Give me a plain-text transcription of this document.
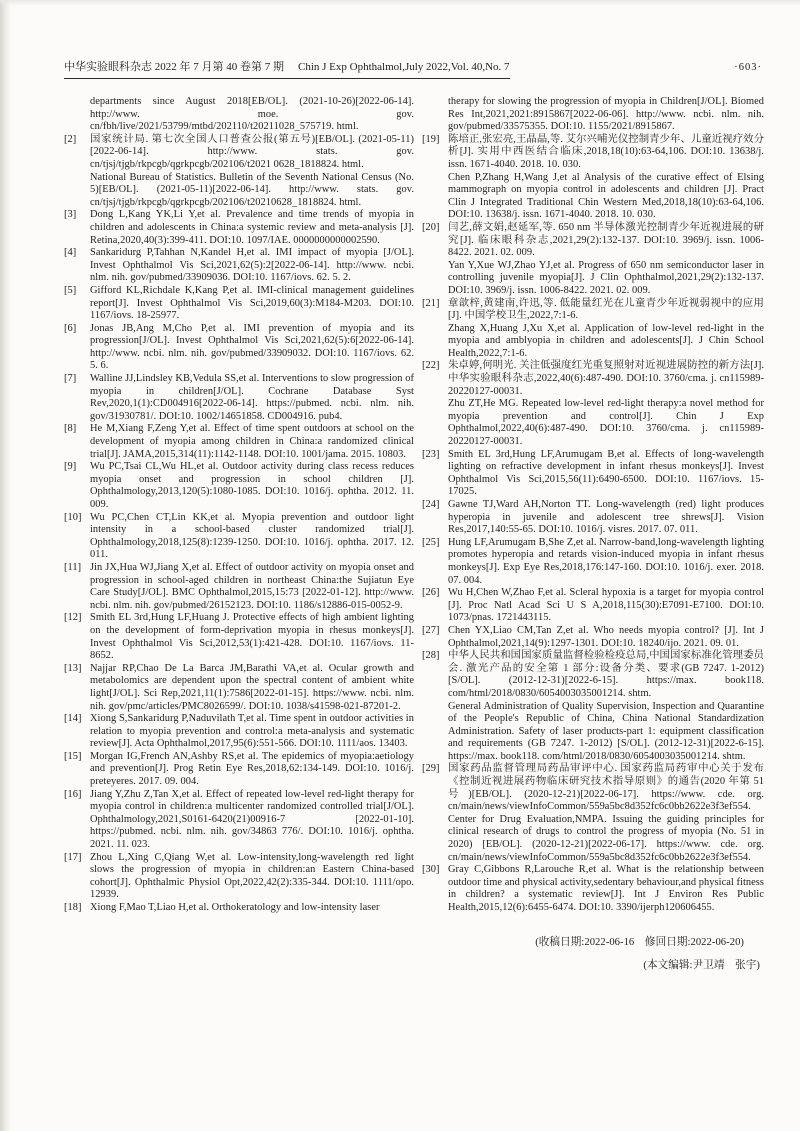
中华实验眼科杂志 2022 年 7 月第 40 卷第 7 期 Chin J Exp Ophthalmol,July 2022,Vol. 40,No. 7	·603·

departments since August 2018[EB/OL]. (2021-10-26)[2022-06-14]. http://www. moe. gov. cn/fbh/live/2021/53799/mtbd/202110/t20211028_575719. html.

[2] 国家统计局. 第七次全国人口普查公报(第五号)[EB/OL]. (2021-05-11)[2022-06-14]. http://www. stats. gov. cn/tjsj/tjgb/rkpcgb/qgrkpcgb/202106/t2021 0628_1818824. html.

National Bureau of Statistics. Bulletin of the Seventh National Census (No. 5)[EB/OL]. (2021-05-11)[2022-06-14]. http://www. stats. gov. cn/tjsj/tjgb/rkpcgb/qgrkpcgb/202106/t20210628_1818824. html.

[3] Dong L,Kang YK,Li Y,et al. Prevalence and time trends of myopia in children and adolescents in China:a systemic review and meta-analysis [J]. Retina,2020,40(3):399-411. DOI:10. 1097/IAE. 0000000000002590.

[4] Sankaridurg P,Tahhan N,Kandel H,et al. IMI impact of myopia [J/OL]. Invest Ophthalmol Vis Sci,2021,62(5):2[2022-06-14]. http://www. ncbi. nlm. nih. gov/pubmed/33909036. DOI:10. 1167/iovs. 62. 5. 2.

[5] Gifford KL,Richdale K,Kang P,et al. IMI-clinical management guidelines report[J]. Invest Ophthalmol Vis Sci,2019,60(3):M184-M203. DOI:10. 1167/iovs. 18-25977.

[6] Jonas JB,Ang M,Cho P,et al. IMI prevention of myopia and its progression[J/OL]. Invest Ophthalmol Vis Sci,2021,62(5):6[2022-06-14]. http://www. ncbi. nlm. nih. gov/pubmed/33909032. DOI:10. 1167/iovs. 62. 5. 6.

[7] Walline JJ,Lindsley KB,Vedula SS,et al. Interventions to slow progression of myopia in children[J/OL]. Cochrane Database Syst Rev,2020,1(1):CD004916[2022-06-14]. https://pubmed. ncbi. nlm. nih. gov/31930781/. DOI:10. 1002/14651858. CD004916. pub4.

[8] He M,Xiang F,Zeng Y,et al. Effect of time spent outdoors at school on the development of myopia among children in China:a randomized clinical trial[J]. JAMA,2015,314(11):1142-1148. DOI:10. 1001/jama. 2015. 10803.

[9] Wu PC,Tsai CL,Wu HL,et al. Outdoor activity during class recess reduces myopia onset and progression in school children [J]. Ophthalmology,2013,120(5):1080-1085. DOI:10. 1016/j. ophtha. 2012. 11. 009.

[10] Wu PC,Chen CT,Lin KK,et al. Myopia prevention and outdoor light intensity in a school-based cluster randomized trial[J]. Ophthalmology,2018,125(8):1239-1250. DOI:10. 1016/j. ophtha. 2017. 12. 011.

[11] Jin JX,Hua WJ,Jiang X,et al. Effect of outdoor activity on myopia onset and progression in school-aged children in northeast China:the Sujiatun Eye Care Study[J/OL]. BMC Ophthalmol,2015,15:73 [2022-01-12]. http://www. ncbi. nlm. nih. gov/pubmed/26152123. DOI:10. 1186/s12886-015-0052-9.

[12] Smith EL 3rd,Hung LF,Huang J. Protective effects of high ambient lighting on the development of form-deprivation myopia in rhesus monkeys[J]. Invest Ophthalmol Vis Sci,2012,53(1):421-428. DOI:10. 1167/iovs. 11-8652.

[13] Najjar RP,Chao De La Barca JM,Barathi VA,et al. Ocular growth and metabolomics are dependent upon the spectral content of ambient white light[J/OL]. Sci Rep,2021,11(1):7586[2022-01-15]. https://www. ncbi. nlm. nih. gov/pmc/articles/PMC8026599/. DOI:10. 1038/s41598-021-87201-2.

[14] Xiong S,Sankaridurg P,Naduvilath T,et al. Time spent in outdoor activities in relation to myopia prevention and control:a meta-analysis and systematic review[J]. Acta Ophthalmol,2017,95(6):551-566. DOI:10. 1111/aos. 13403.

[15] Morgan IG,French AN,Ashby RS,et al. The epidemics of myopia:aetiology and prevention[J]. Prog Retin Eye Res,2018,62:134-149. DOI:10. 1016/j. preteyeres. 2017. 09. 004.

[16] Jiang Y,Zhu Z,Tan X,et al. Effect of repeated low-level red-light therapy for myopia control in children:a multicenter randomized controlled trial[J/OL]. Ophthalmology,2021,S0161-6420(21)00916-7 [2022-01-10]. https://pubmed. ncbi. nlm. nih. gov/34863 776/. DOI:10. 1016/j. ophtha. 2021. 11. 023.

[17] Zhou L,Xing C,Qiang W,et al. Low-intensity,long-wavelength red light slows the progression of myopia in children:an Eastern China-based cohort[J]. Ophthalmic Physiol Opt,2022,42(2):335-344. DOI:10. 1111/opo. 12939.

[18] Xiong F,Mao T,Liao H,et al. Orthokeratology and low-intensity laser

therapy for slowing the progression of myopia in Children[J/OL]. Biomed Res Int,2021,2021:8915867[2022-06-06]. http://www. ncbi. nlm. nih. gov/pubmed/33575355. DOI:10. 1155/2021/8915867.

[19] 陈培正,张宏亮,王晶晶,等. 艾尔兴哺光仪控制青少年、儿童近视疗效分析[J]. 实用中西医结合临床,2018,18(10):63-64,106. DOI:10. 13638/j. issn. 1671-4040. 2018. 10. 030.

Chen P,Zhang H,Wang J,et al Analysis of the curative effect of Elsing mammograph on myopia control in adolescents and children [J]. Pract Clin J Integrated Traditional Chin Western Med,2018,18(10):63-64,106. DOI:10. 13638/j. issn. 1671-4040. 2018. 10. 030.

[20] 闫艺,薛文娟,赵延军,等. 650 nm 半导体激光控制青少年近视进展的研究[J]. 临床眼科杂志,2021,29(2):132-137. DOI:10. 3969/j. issn. 1006-8422. 2021. 02. 009.

Yan Y,Xue WJ,Zhao YJ,et al. Progress of 650 nm semiconductor laser in controlling juvenile myopia[J]. J Clin Ophthalmol,2021,29(2):132-137. DOI:10. 3969/j. issn. 1006-8422. 2021. 02. 009.

[21] 章歆梓,黄建南,许迅,等. 低能量红光在儿童青少年近视弱视中的应用[J]. 中国学校卫生,2022,7:1-6.

Zhang X,Huang J,Xu X,et al. Application of low-level red-light in the myopia and amblyopia in children and adolescents[J]. J Chin School Health,2022,7:1-6.

[22] 朱卓婷,何明光. 关注低强度红光重复照射对近视进展防控的新方法[J]. 中华实验眼科杂志,2022,40(6):487-490. DOI:10. 3760/cma. j. cn115989-20220127-00031.

Zhu ZT,He MG. Repeated low-level red-light therapy:a novel method for myopia prevention and control[J]. Chin J Exp Ophthalmol,2022,40(6):487-490. DOI:10. 3760/cma. j. cn115989-20220127-00031.

[23] Smith EL 3rd,Hung LF,Arumugam B,et al. Effects of long-wavelength lighting on refractive development in infant rhesus monkeys[J]. Invest Ophthalmol Vis Sci,2015,56(11):6490-6500. DOI:10. 1167/iovs. 15-17025.

[24] Gawne TJ,Ward AH,Norton TT. Long-wavelength (red) light produces hyperopia in juvenile and adolescent tree shrews[J]. Vision Res,2017,140:55-65. DOI:10. 1016/j. visres. 2017. 07. 011.

[25] Hung LF,Arumugam B,She Z,et al. Narrow-band,long-wavelength lighting promotes hyperopia and retards vision-induced myopia in infant rhesus monkeys[J]. Exp Eye Res,2018,176:147-160. DOI:10. 1016/j. exer. 2018. 07. 004.

[26] Wu H,Chen W,Zhao F,et al. Scleral hypoxia is a target for myopia control [J]. Proc Natl Acad Sci U S A,2018,115(30):E7091-E7100. DOI:10. 1073/pnas. 1721443115.

[27] Chen YX,Liao CM,Tan Z,et al. Who needs myopia control? [J]. Int J Ophthalmol,2021,14(9):1297-1301. DOI:10. 18240/ijo. 2021. 09. 01.

[28] 中华人民共和国国家质量监督检验检疫总局,中国国家标准化管理委员会. 激光产品的安全第 1 部分:设备分类、要求(GB 7247. 1-2012)[S/OL]. (2012-12-31)[2022-6-15]. https://max. book118. com/html/2018/0830/6054003035001214. shtm.

General Administration of Quality Supervision, Inspection and Quarantine of the People's Republic of China, China National Standardization Administration. Safety of laser products-part 1: equipment classification and requirements (GB 7247. 1-2012) [S/OL]. (2012-12-31)[2022-6-15]. https://max. book118. com/html/2018/0830/6054003035001214. shtm.

[29] 国家药品监督管理局药品审评中心. 国家药监局药审中心关于发布《控制近视进展药物临床研究技术指导原则》的通告(2020 年第 51 号)[EB/OL]. (2020-12-21)[2022-06-17]. https://www. cde. org. cn/main/news/viewInfoCommon/559a5bc8d352fc6c0bb2622e3f3ef554.

Center for Drug Evaluation,NMPA. Issuing the guiding principles for clinical research of drugs to control the progress of myopia (No. 51 in 2020) [EB/OL]. (2020-12-21)[2022-06-17]. https://www. cde. org. cn/main/news/viewInfoCommon/559a5bc8d352fc6c0bb2622e3f3ef554.

[30] Gray C,Gibbons R,Larouche R,et al. What is the relationship between outdoor time and physical activity,sedentary behaviour,and physical fitness in children? a systematic review[J]. Int J Environ Res Public Health,2015,12(6):6455-6474. DOI:10. 3390/ijerph120606455.

(收稿日期:2022-06-16　修回日期:2022-06-20)
(本文编辑:尹卫靖　张宇)
